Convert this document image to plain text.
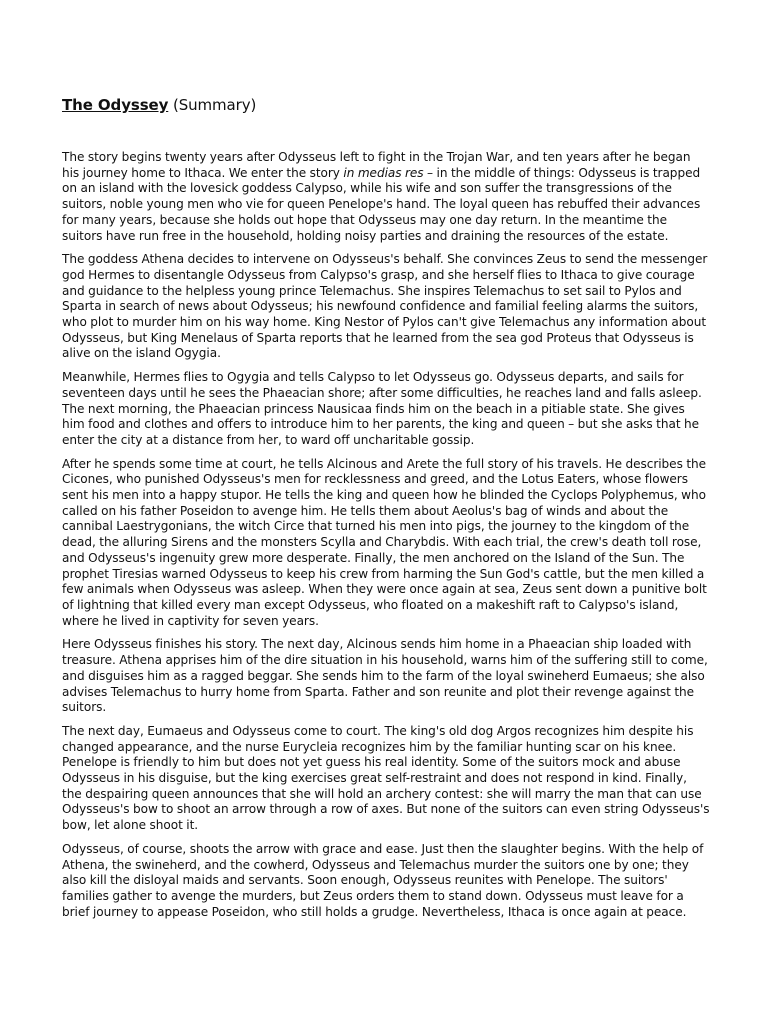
The Odyssey (Summary)

The story begins twenty years after Odysseus left to fight in the Trojan War, and ten years after he began his journey home to Ithaca. We enter the story in medias res – in the middle of things: Odysseus is trapped on an island with the lovesick goddess Calypso, while his wife and son suffer the transgressions of the suitors, noble young men who vie for queen Penelope's hand. The loyal queen has rebuffed their advances for many years, because she holds out hope that Odysseus may one day return. In the meantime the suitors have run free in the household, holding noisy parties and draining the resources of the estate.

The goddess Athena decides to intervene on Odysseus's behalf. She convinces Zeus to send the messenger god Hermes to disentangle Odysseus from Calypso's grasp, and she herself flies to Ithaca to give courage and guidance to the helpless young prince Telemachus. She inspires Telemachus to set sail to Pylos and Sparta in search of news about Odysseus; his newfound confidence and familial feeling alarms the suitors, who plot to murder him on his way home. King Nestor of Pylos can't give Telemachus any information about Odysseus, but King Menelaus of Sparta reports that he learned from the sea god Proteus that Odysseus is alive on the island Ogygia.

Meanwhile, Hermes flies to Ogygia and tells Calypso to let Odysseus go. Odysseus departs, and sails for seventeen days until he sees the Phaeacian shore; after some difficulties, he reaches land and falls asleep. The next morning, the Phaeacian princess Nausicaa finds him on the beach in a pitiable state. She gives him food and clothes and offers to introduce him to her parents, the king and queen – but she asks that he enter the city at a distance from her, to ward off uncharitable gossip.

After he spends some time at court, he tells Alcinous and Arete the full story of his travels. He describes the Cicones, who punished Odysseus's men for recklessness and greed, and the Lotus Eaters, whose flowers sent his men into a happy stupor. He tells the king and queen how he blinded the Cyclops Polyphemus, who called on his father Poseidon to avenge him. He tells them about Aeolus's bag of winds and about the cannibal Laestrygonians, the witch Circe that turned his men into pigs, the journey to the kingdom of the dead, the alluring Sirens and the monsters Scylla and Charybdis. With each trial, the crew's death toll rose, and Odysseus's ingenuity grew more desperate. Finally, the men anchored on the Island of the Sun. The prophet Tiresias warned Odysseus to keep his crew from harming the Sun God's cattle, but the men killed a few animals when Odysseus was asleep. When they were once again at sea, Zeus sent down a punitive bolt of lightning that killed every man except Odysseus, who floated on a makeshift raft to Calypso's island, where he lived in captivity for seven years.

Here Odysseus finishes his story. The next day, Alcinous sends him home in a Phaeacian ship loaded with treasure. Athena apprises him of the dire situation in his household, warns him of the suffering still to come, and disguises him as a ragged beggar. She sends him to the farm of the loyal swineherd Eumaeus; she also advises Telemachus to hurry home from Sparta. Father and son reunite and plot their revenge against the suitors.

The next day, Eumaeus and Odysseus come to court. The king's old dog Argos recognizes him despite his changed appearance, and the nurse Eurycleia recognizes him by the familiar hunting scar on his knee. Penelope is friendly to him but does not yet guess his real identity. Some of the suitors mock and abuse Odysseus in his disguise, but the king exercises great self-restraint and does not respond in kind. Finally, the despairing queen announces that she will hold an archery contest: she will marry the man that can use Odysseus's bow to shoot an arrow through a row of axes. But none of the suitors can even string Odysseus's bow, let alone shoot it.

Odysseus, of course, shoots the arrow with grace and ease. Just then the slaughter begins. With the help of Athena, the swineherd, and the cowherd, Odysseus and Telemachus murder the suitors one by one; they also kill the disloyal maids and servants. Soon enough, Odysseus reunites with Penelope. The suitors' families gather to avenge the murders, but Zeus orders them to stand down. Odysseus must leave for a brief journey to appease Poseidon, who still holds a grudge. Nevertheless, Ithaca is once again at peace.
